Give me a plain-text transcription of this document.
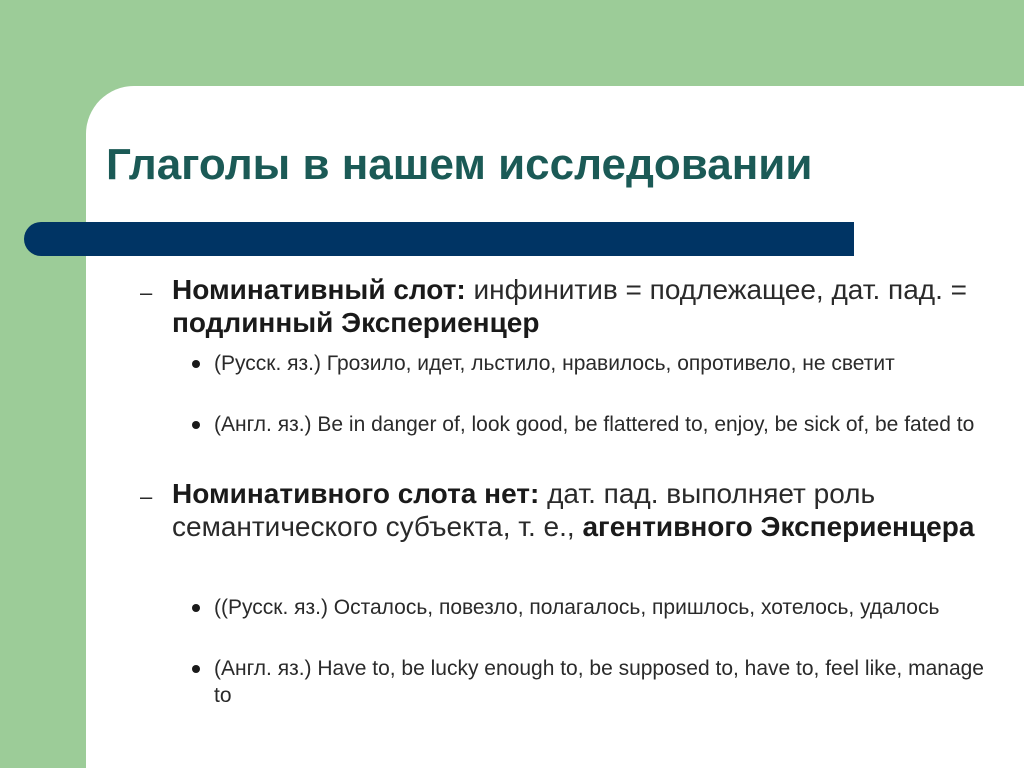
Глаголы в нашем исследовании
– Номинативный слот: инфинитив = подлежащее, дат. пад. = подлинный Экспериенцер
(Русск. яз.) Грозило, идет, льстило, нравилось, опротивело, не светит
(Англ. яз.) Be in danger of, look good, be flattered to, enjoy, be sick of, be fated to
– Номинативного слота нет: дат. пад. выполняет роль семантического субъекта, т. е., агентивного Экспериенцера
((Русск. яз.) Осталось, повезло, полагалось, пришлось, хотелось, удалось
(Англ. яз.) Have to, be lucky enough to, be supposed to, have to, feel like, manage to
